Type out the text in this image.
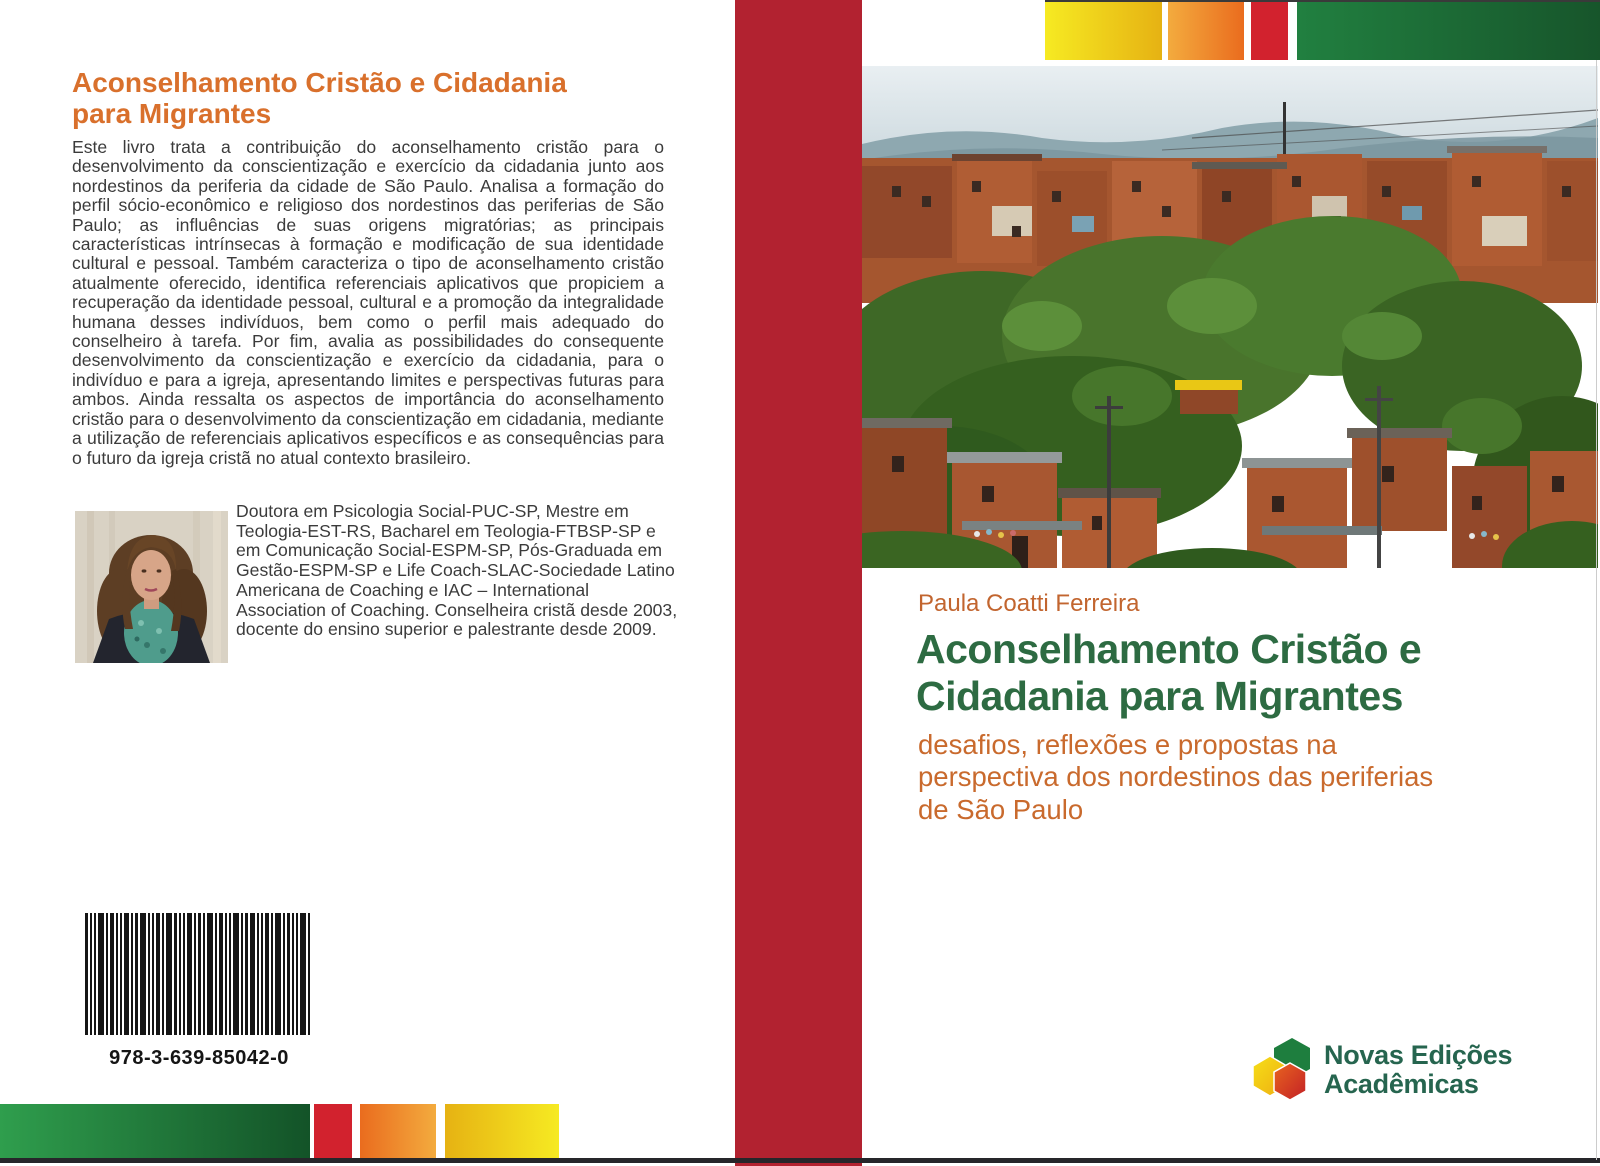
Aconselhamento Cristão e Cidadania
para Migrantes

Este livro trata a contribuição do aconselhamento cristão para o desenvolvimento da conscientização e exercício da cidadania junto aos nordestinos da periferia da cidade de São Paulo. Analisa a formação do perfil sócio-econômico e religioso dos nordestinos das periferias de São Paulo; as influências de suas origens migratórias; as principais características intrínsecas à formação e modificação de sua identidade cultural e pessoal. Também caracteriza o tipo de aconselhamento cristão atualmente oferecido, identifica referenciais aplicativos que propiciem a recuperação da identidade pessoal, cultural e a promoção da integralidade humana desses indivíduos, bem como o perfil mais adequado do conselheiro à tarefa. Por fim, avalia as possibilidades do consequente desenvolvimento da conscientização e exercício da cidadania, para o indivíduo e para a igreja, apresentando limites e perspectivas futuras para ambos. Ainda ressalta os aspectos de importância do aconselhamento cristão para o desenvolvimento da conscientização em cidadania, mediante a utilização de referenciais aplicativos específicos e as consequências para o futuro da igreja cristã no atual contexto brasileiro.

Doutora em Psicologia Social-PUC-SP, Mestre em Teologia-EST-RS, Bacharel em Teologia-FTBSP-SP e em Comunicação Social-ESPM-SP, Pós-Graduada em Gestão-ESPM-SP e Life Coach-SLAC-Sociedade Latino Americana de Coaching e IAC – International Association of Coaching. Conselheira cristã desde 2003, docente do ensino superior e palestrante desde 2009.

978-3-639-85042-0
Paula Coatti Ferreira
Aconselhamento Cristão e
Cidadania para Migrantes
desafios, reflexões e propostas na
perspectiva dos nordestinos das periferias
de São Paulo
Novas Edições
Acadêmicas
